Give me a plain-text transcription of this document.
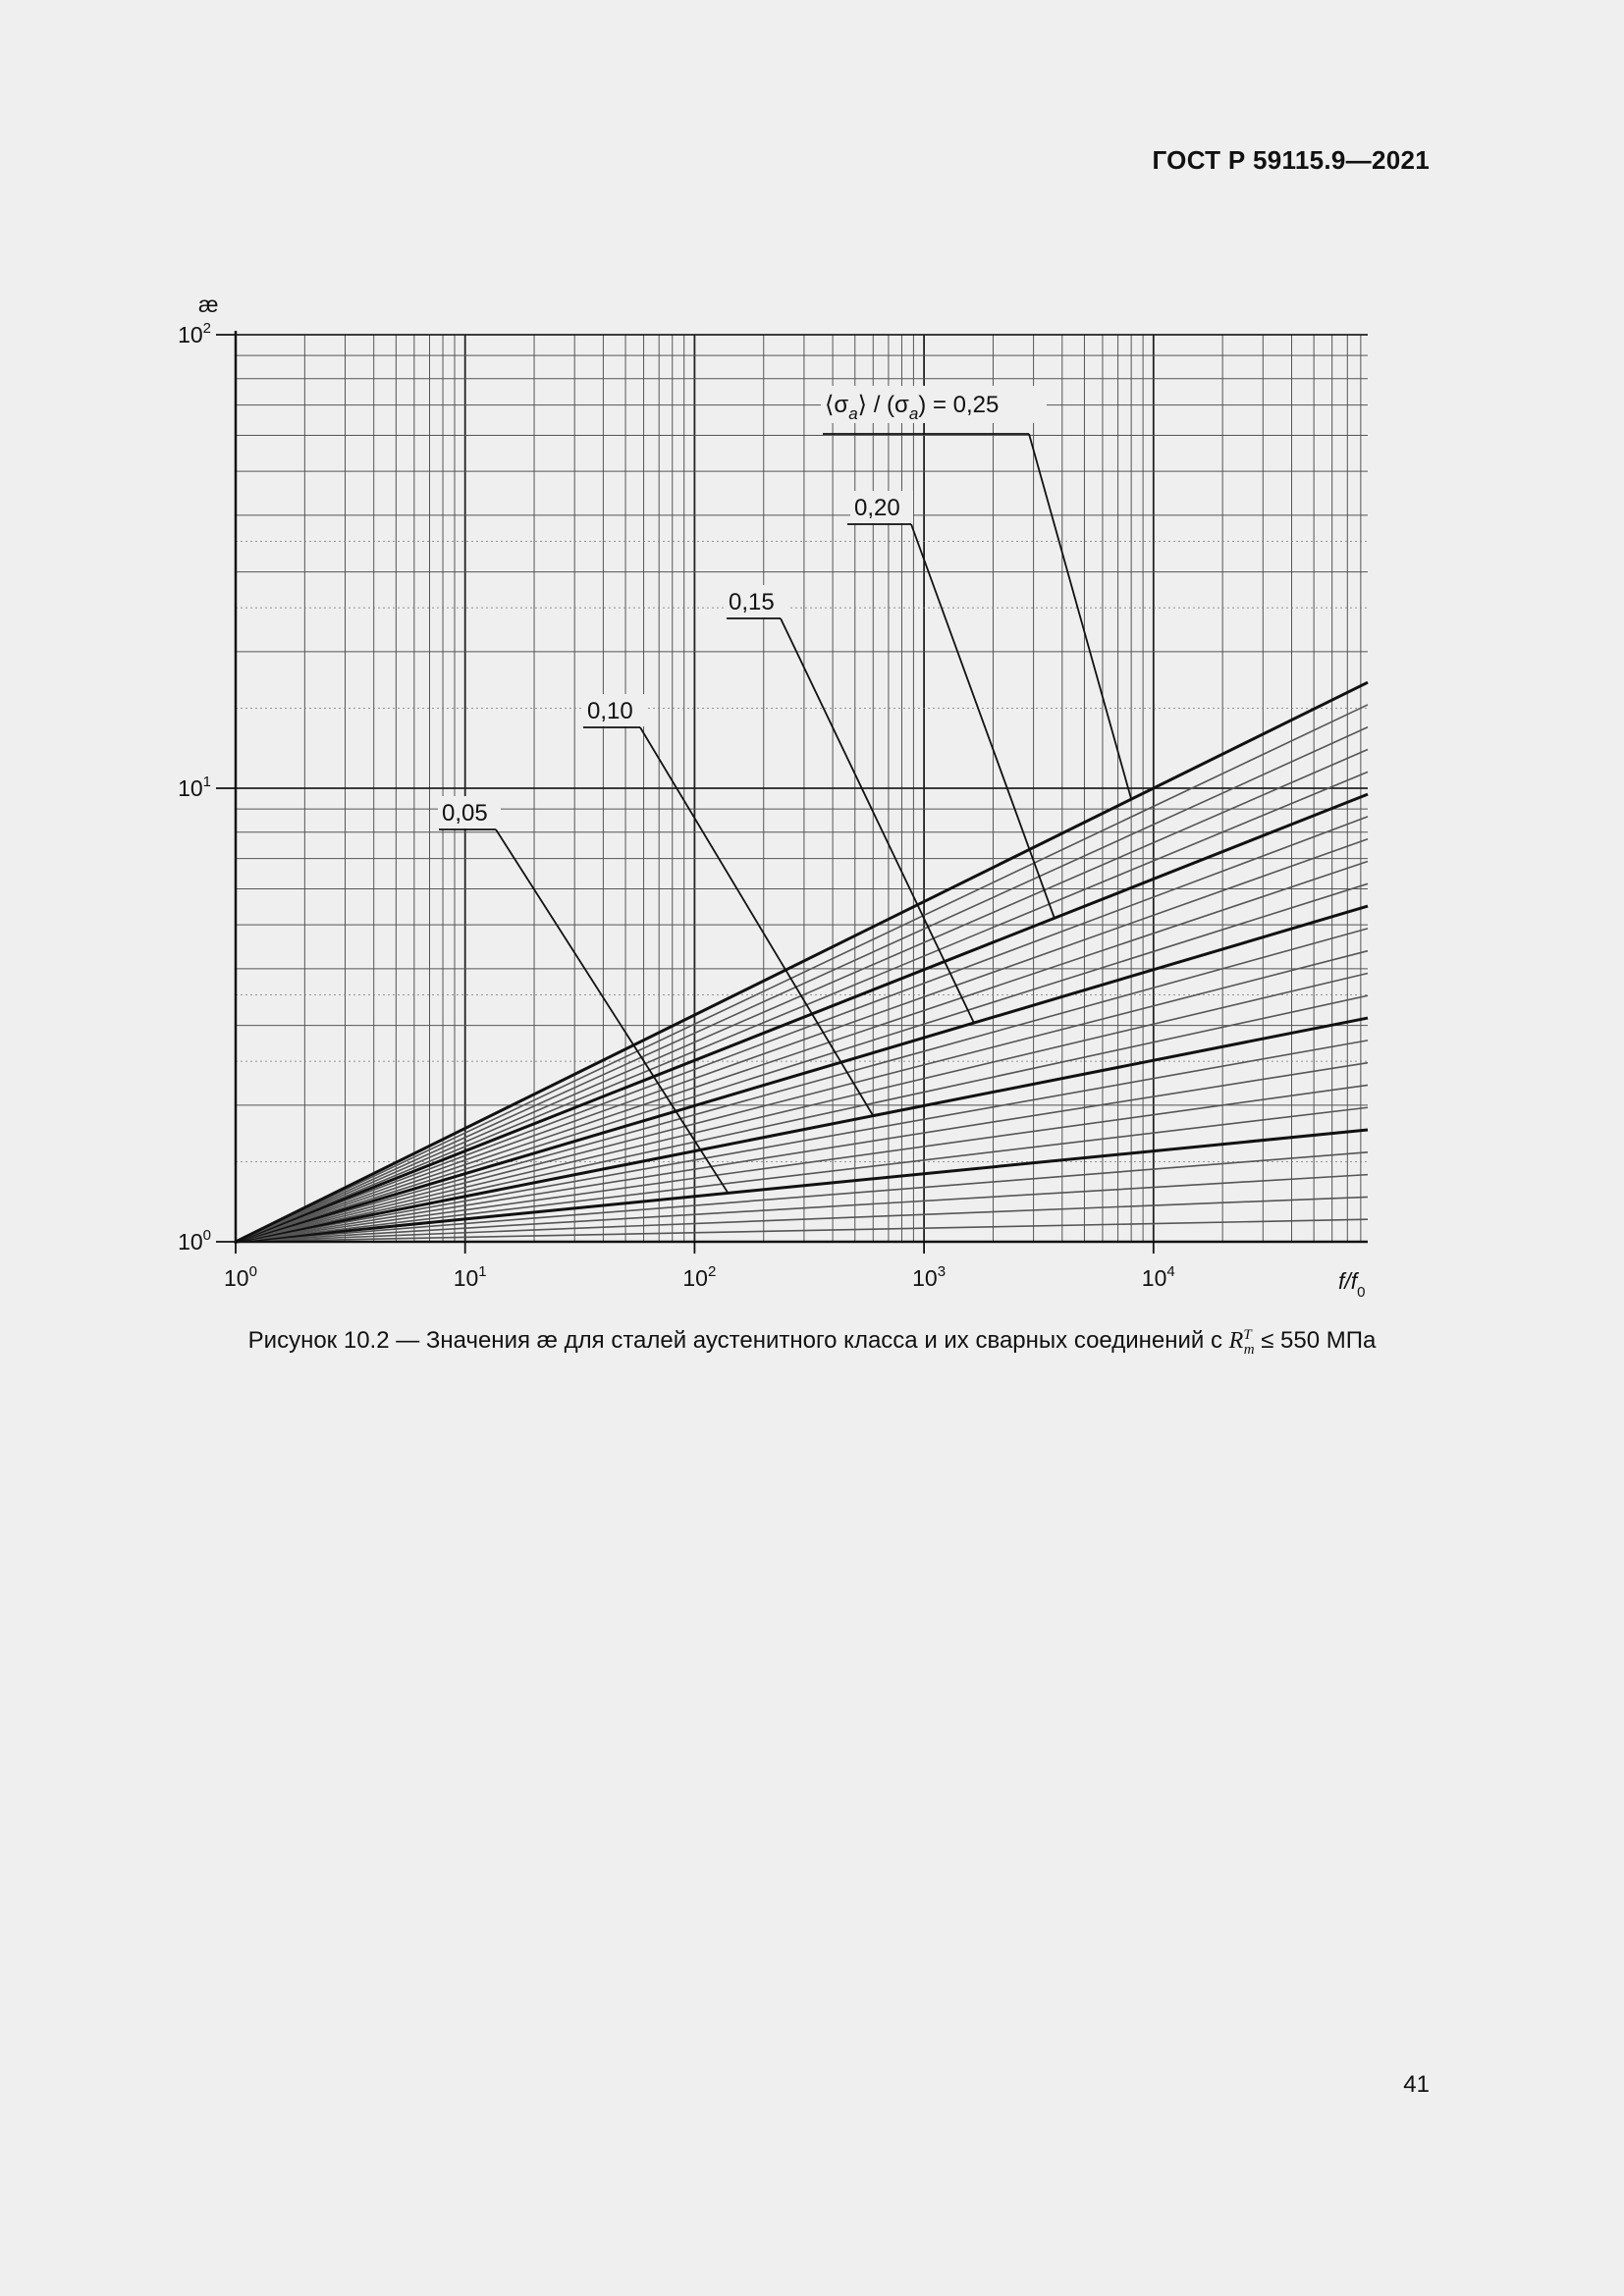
ГОСТ Р 59115.9—2021
$10^0$
$10^1$
$10^2$
$10^0$	$10^1$	$10^2$	$10^3$	$10^4$
æ
$f/f_0$
$⟨\sigma_a⟩ / (\sigma_a) = 0,25$
0,20
0,15
0,10
0,05
Рисунок 10.2 — Значения æ для сталей аустенитного класса и их сварных соединений с $R^T_m \le 550$ МПа
41
